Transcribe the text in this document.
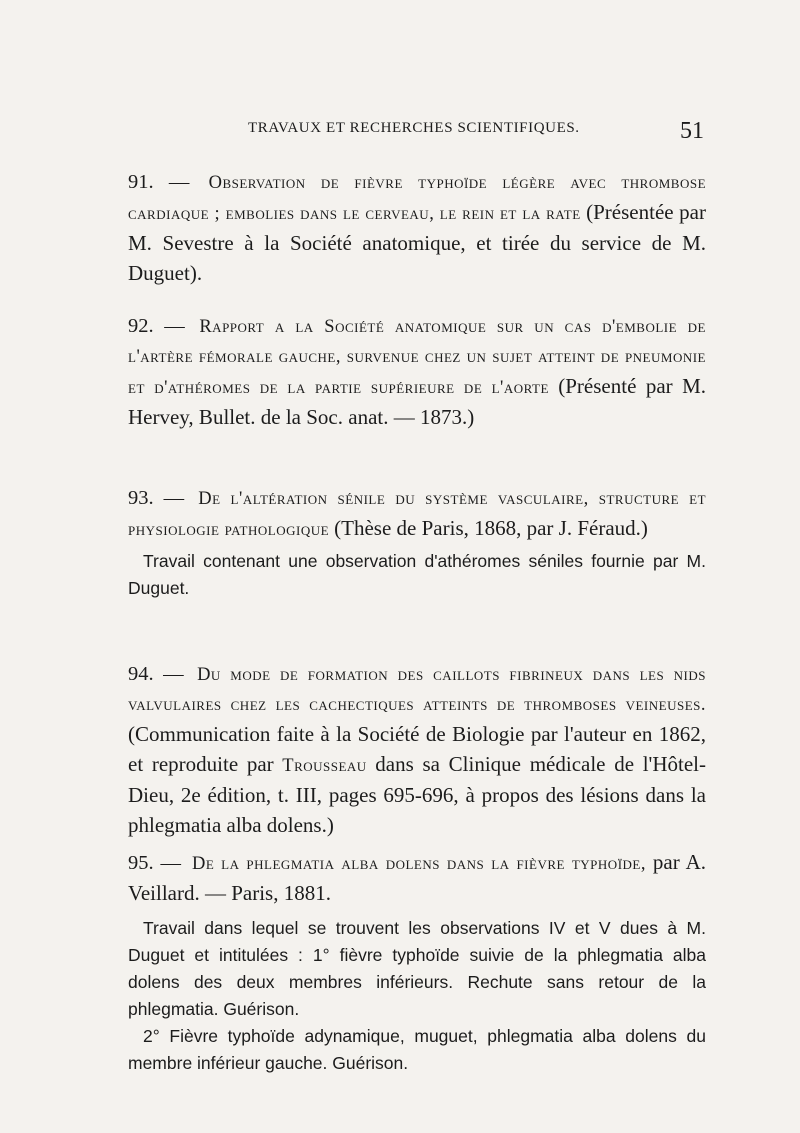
TRAVAUX ET RECHERCHES SCIENTIFIQUES.	51
91. — Observation de fièvre typhoïde légère avec thrombose cardiaque ; embolies dans le cerveau, le rein et la rate (Présentée par M. Sevestre à la Société anatomique, et tirée du service de M. Duguet).
92. — Rapport a la Société anatomique sur un cas d'embolie de l'artère fémorale gauche, survenue chez un sujet atteint de pneumonie et d'athéromes de la partie supérieure de l'aorte (Présenté par M. Hervey, Bullet. de la Soc. anat. — 1873.)
93. — De l'altération sénile du système vasculaire, structure et physiologie pathologique (Thèse de Paris, 1868, par J. Féraud.)
Travail contenant une observation d'athéromes séniles fournie par M. Duguet.
94. — Du mode de formation des caillots fibrineux dans les nids valvulaires chez les cachectiques atteints de thromboses veineuses. (Communication faite à la Société de Biologie par l'auteur en 1862, et reproduite par Trousseau dans sa Clinique médicale de l'Hôtel-Dieu, 2e édition, t. III, pages 695-696, à propos des lésions dans la phlegmatia alba dolens.)
95. — De la phlegmatia alba dolens dans la fièvre typhoïde, par A. Veillard. — Paris, 1881.
Travail dans lequel se trouvent les observations IV et V dues à M. Duguet et intitulées : 1° fièvre typhoïde suivie de la phlegmatia alba dolens des deux membres inférieurs. Rechute sans retour de la phlegmatia. Guérison.
2° Fièvre typhoïde adynamique, muguet, phlegmatia alba dolens du membre inférieur gauche. Guérison.
